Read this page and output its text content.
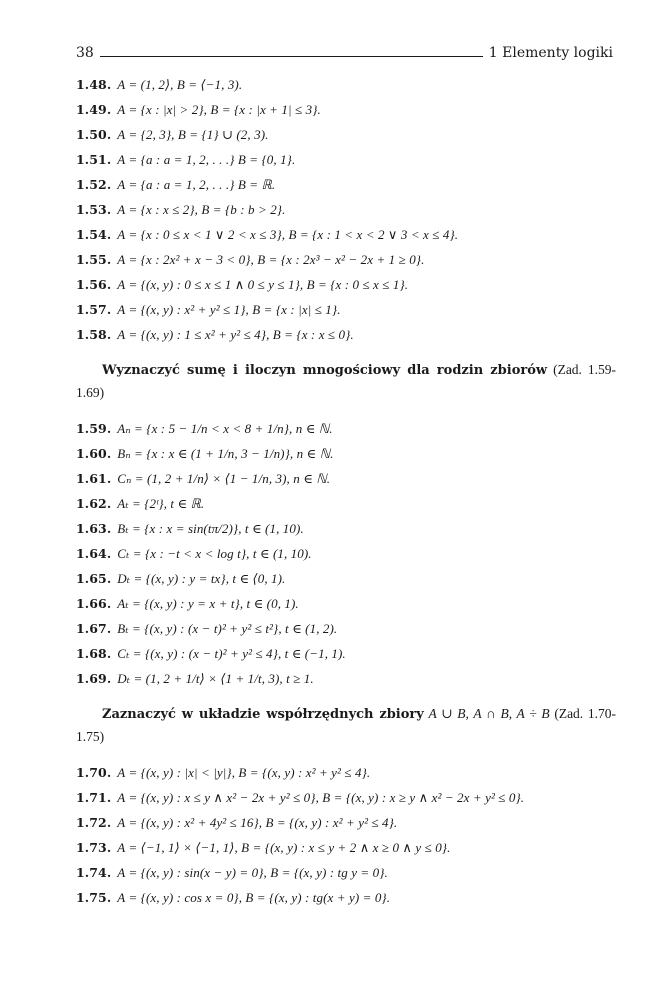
38	1 Elementy logiki
1.48. A = (1, 2⟩, B = ⟨−1, 3).
1.49. A = {x : |x| > 2}, B = {x : |x + 1| ≤ 3}.
1.50. A = {2, 3}, B = {1} ∪ (2, 3).
1.51. A = {a : a = 1, 2, . . .} B = {0, 1}.
1.52. A = {a : a = 1, 2, . . .} B = ℝ.
1.53. A = {x : x ≤ 2}, B = {b : b > 2}.
1.54. A = {x : 0 ≤ x < 1 ∨ 2 < x ≤ 3}, B = {x : 1 < x < 2 ∨ 3 < x ≤ 4}.
1.55. A = {x : 2x² + x − 3 < 0}, B = {x : 2x³ − x² − 2x + 1 ≥ 0}.
1.56. A = {(x, y) : 0 ≤ x ≤ 1 ∧ 0 ≤ y ≤ 1}, B = {x : 0 ≤ x ≤ 1}.
1.57. A = {(x, y) : x² + y² ≤ 1}, B = {x : |x| ≤ 1}.
1.58. A = {(x, y) : 1 ≤ x² + y² ≤ 4}, B = {x : x ≤ 0}.
Wyznaczyć sumę i iloczyn mnogościowy dla rodzin zbiorów (Zad. 1.59-1.69)
1.59. Aₙ = {x : 5 − 1/n < x < 8 + 1/n}, n ∈ ℕ.
1.60. Bₙ = {x : x ∈ (1 + 1/n, 3 − 1/n)}, n ∈ ℕ.
1.61. Cₙ = (1, 2 + 1/n⟩ × ⟨1 − 1/n, 3), n ∈ ℕ.
1.62. Aₜ = {2ᵗ}, t ∈ ℝ.
1.63. Bₜ = {x : x = sin(tπ/2)}, t ∈ (1, 10).
1.64. Cₜ = {x : −t < x < log t}, t ∈ (1, 10).
1.65. Dₜ = {(x, y) : y = tx}, t ∈ ⟨0, 1).
1.66. Aₜ = {(x, y) : y = x + t}, t ∈ (0, 1).
1.67. Bₜ = {(x, y) : (x − t)² + y² ≤ t²}, t ∈ (1, 2).
1.68. Cₜ = {(x, y) : (x − t)² + y² ≤ 4}, t ∈ (−1, 1).
1.69. Dₜ = (1, 2 + 1/t⟩ × ⟨1 + 1/t, 3), t ≥ 1.
Zaznaczyć w układzie współrzędnych zbiory A ∪ B, A ∩ B, A ÷ B (Zad. 1.70-1.75)
1.70. A = {(x, y) : |x| < |y|}, B = {(x, y) : x² + y² ≤ 4}.
1.71. A = {(x, y) : x ≤ y ∧ x² − 2x + y² ≤ 0}, B = {(x, y) : x ≥ y ∧ x² − 2x + y² ≤ 0}.
1.72. A = {(x, y) : x² + 4y² ≤ 16}, B = {(x, y) : x² + y² ≤ 4}.
1.73. A = ⟨−1, 1⟩ × ⟨−1, 1⟩, B = {(x, y) : x ≤ y + 2 ∧ x ≥ 0 ∧ y ≤ 0}.
1.74. A = {(x, y) : sin(x − y) = 0}, B = {(x, y) : tg y = 0}.
1.75. A = {(x, y) : cos x = 0}, B = {(x, y) : tg(x + y) = 0}.
